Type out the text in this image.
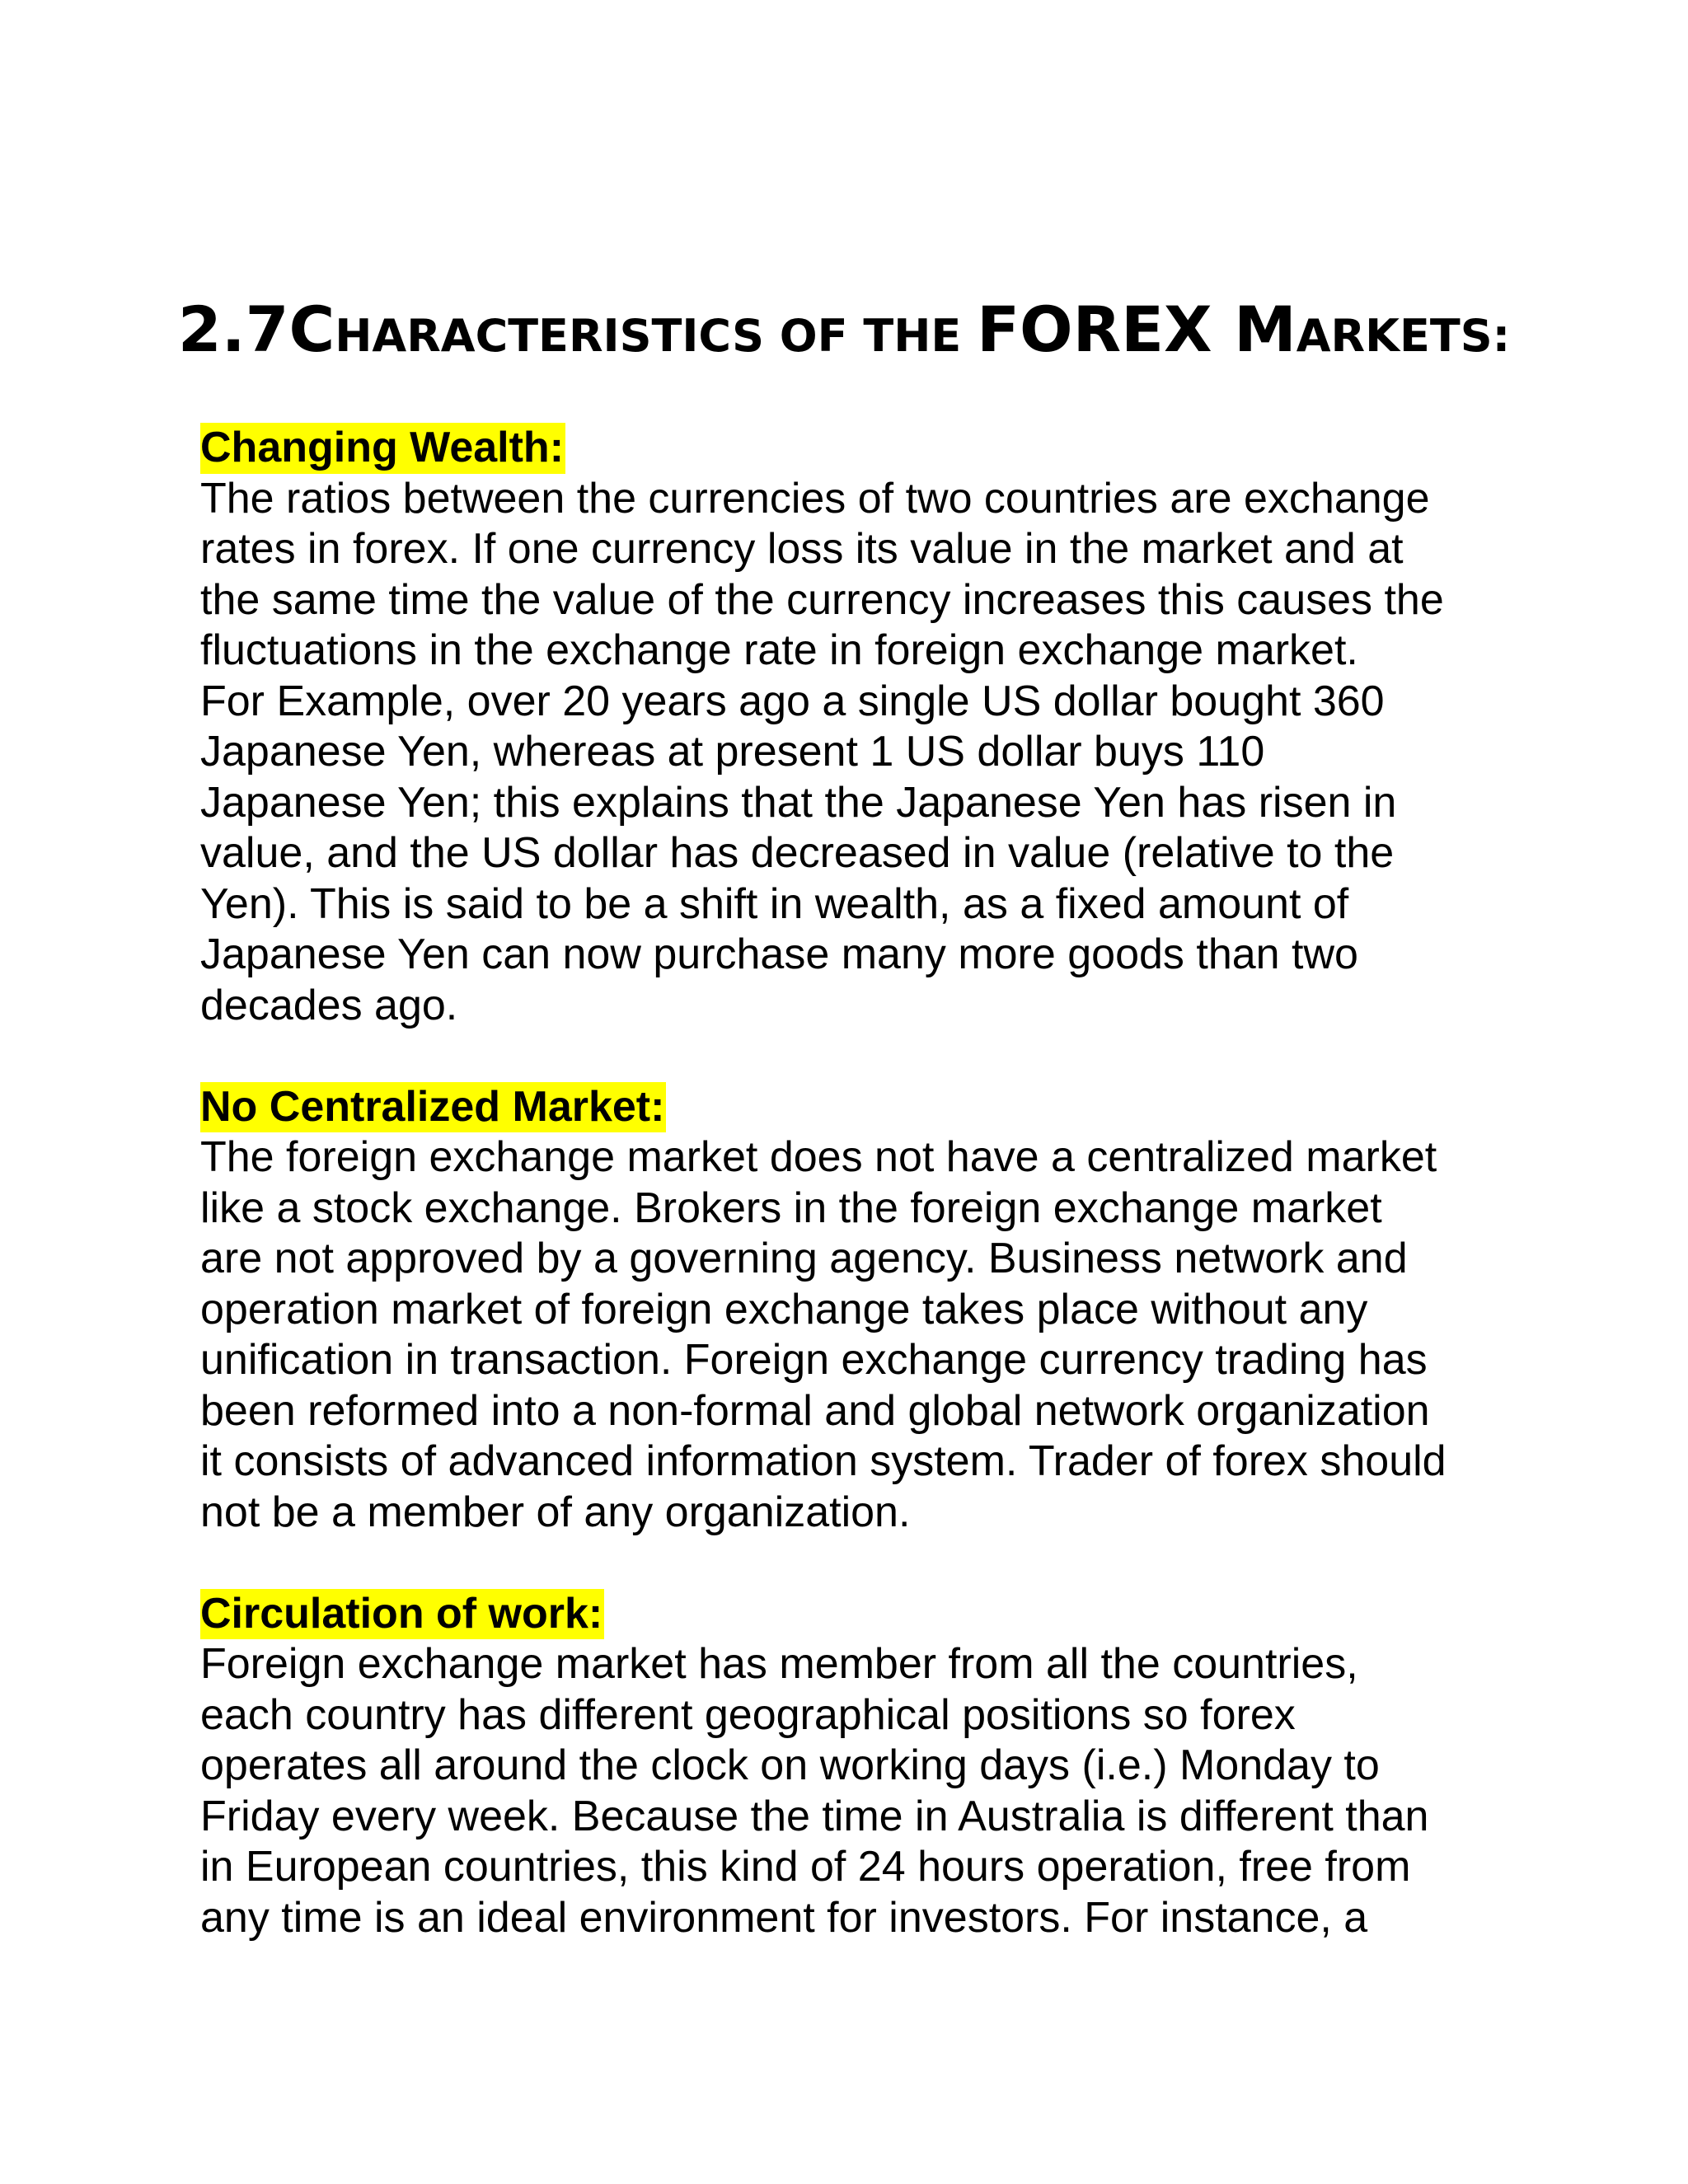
2.7CHARACTERISTICS OF THE FOREX MARKETS:
Changing Wealth:
The ratios between the currencies of two countries are exchange
rates in forex. If one currency loss its value in the market and at
the same time the value of the currency increases this causes the
fluctuations in the exchange rate in foreign exchange market.
For Example, over 20 years ago a single US dollar bought 360
Japanese Yen, whereas at present 1 US dollar buys 110
Japanese Yen; this explains that the Japanese Yen has risen in
value, and the US dollar has decreased in value (relative to the
Yen). This is said to be a shift in wealth, as a fixed amount of
Japanese Yen can now purchase many more goods than two
decades ago.
No Centralized Market:
The foreign exchange market does not have a centralized market
like a stock exchange. Brokers in the foreign exchange market
are not approved by a governing agency. Business network and
operation market of foreign exchange takes place without any
unification in transaction. Foreign exchange currency trading has
been reformed into a non-formal and global network organization
it consists of advanced information system. Trader of forex should
not be a member of any organization.
Circulation of work:
Foreign exchange market has member from all the countries,
each country has different geographical positions so forex
operates all around the clock on working days (i.e.) Monday to
Friday every week. Because the time in Australia is different than
in European countries, this kind of 24 hours operation, free from
any time is an ideal environment for investors. For instance, a
